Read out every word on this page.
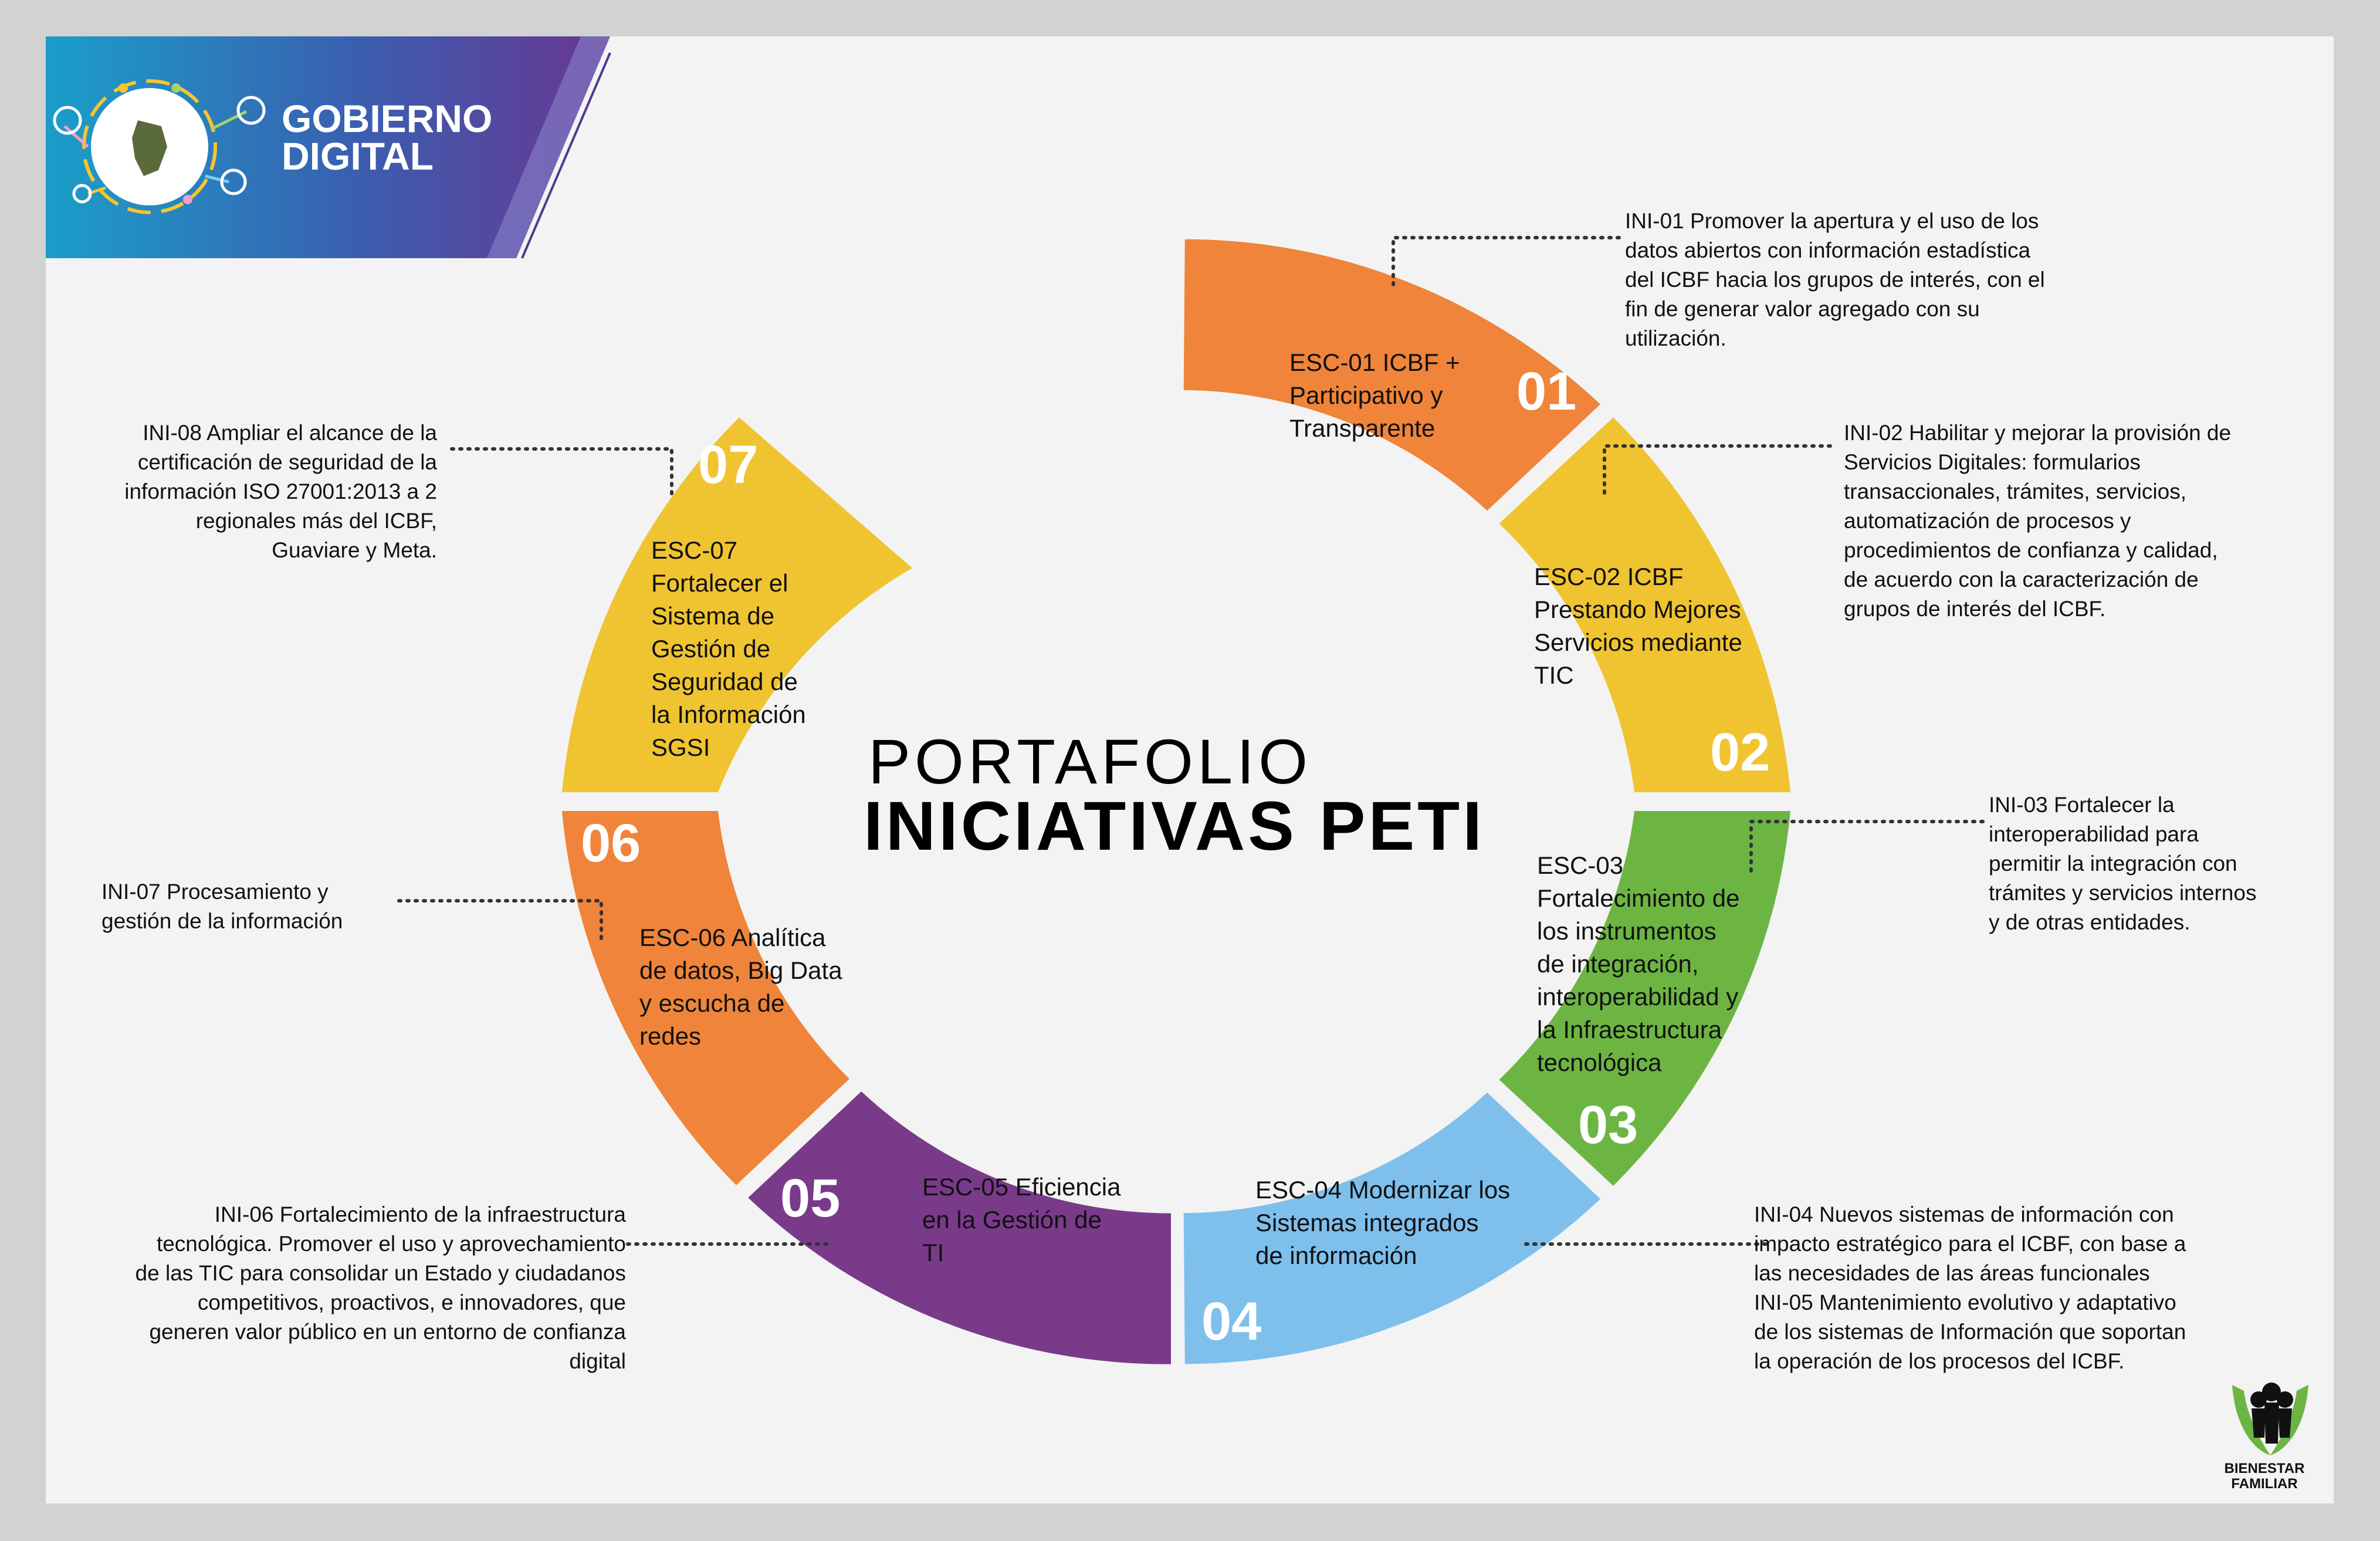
GOBIERNO
DIGITAL
PORTAFOLIO
INICIATIVAS PETI
01
02
03
04
05
06
07
ESC-01 ICBF +
Participativo y
Transparente
ESC-02 ICBF
Prestando Mejores
Servicios mediante
TIC
ESC-03
Fortalecimiento de
los instrumentos
de integración,
interoperabilidad y
la Infraestructura
tecnológica
ESC-04 Modernizar los
Sistemas integrados
de información
ESC-05 Eficiencia
en la Gestión de
TI
ESC-06 Analítica
de datos, Big Data
y escucha de
redes
ESC-07
Fortalecer el
Sistema de
Gestión de
Seguridad de
la Información
SGSI
INI-01 Promover la apertura y el uso de los
datos abiertos con información estadística
del ICBF hacia los grupos de interés, con el
fin de generar valor agregado con su
utilización.
INI-02 Habilitar y mejorar la provisión de
Servicios Digitales: formularios
transaccionales, trámites, servicios,
automatización de procesos y
procedimientos de confianza y calidad,
de acuerdo con la caracterización de
grupos de interés del ICBF.
INI-03 Fortalecer la
interoperabilidad para
permitir la integración con
trámites y servicios internos
y de otras entidades.
INI-04 Nuevos sistemas de información con
impacto estratégico para el ICBF, con base a
las necesidades de las áreas funcionales
INI-05 Mantenimiento evolutivo y adaptativo
de los sistemas de Información que soportan
la operación de los procesos del ICBF.
INI-06 Fortalecimiento de la infraestructura
tecnológica. Promover el uso y aprovechamiento
de las TIC para consolidar un Estado y ciudadanos
competitivos, proactivos, e innovadores, que
generen valor público en un entorno de confianza
digital
INI-07 Procesamiento y
gestión de la información
INI-08 Ampliar el alcance de la
certificación de seguridad de la
información ISO 27001:2013 a 2
regionales más del ICBF,
Guaviare y Meta.
BIENESTAR
FAMILIAR
